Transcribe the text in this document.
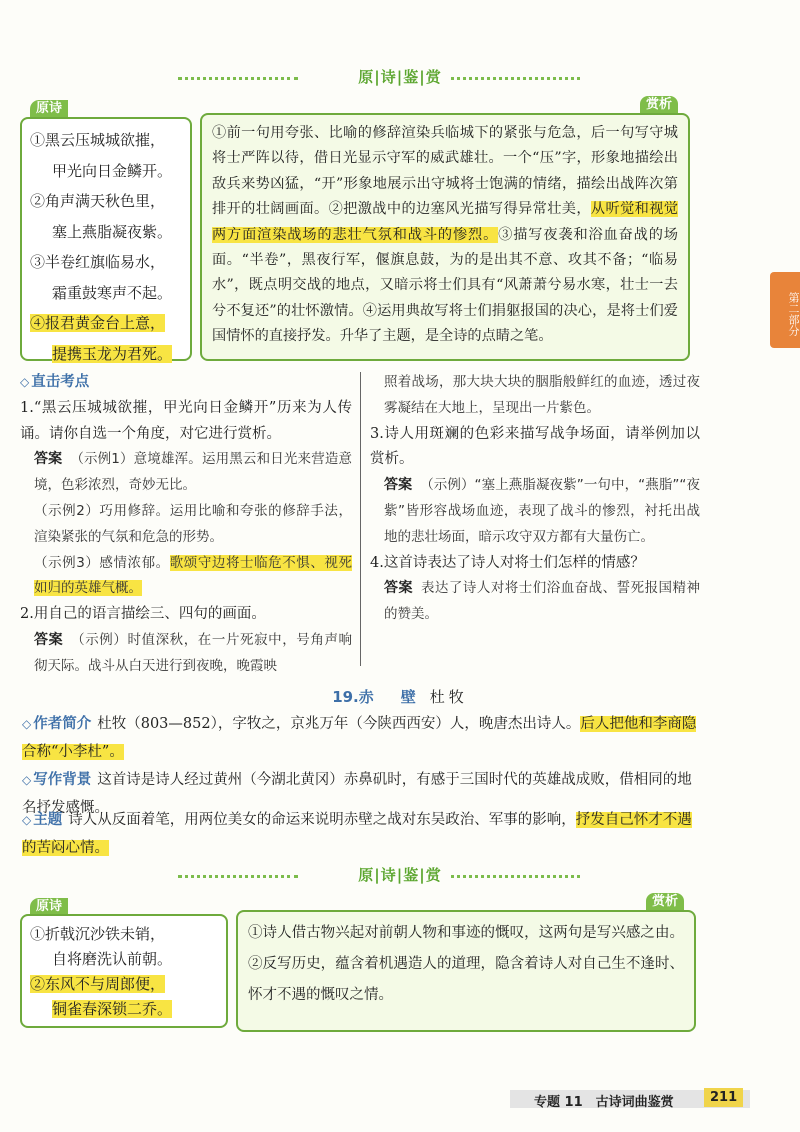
原|诗|鉴|赏
原诗	赏析
①黑云压城城欲摧，
甲光向日金鳞开。
②角声满天秋色里，
塞上燕脂凝夜紫。
③半卷红旗临易水，
霜重鼓寒声不起。
④报君黄金台上意，
提携玉龙为君死。
①前一句用夸张、比喻的修辞渲染兵临城下的紧张与危急，后一句写守城将士严阵以待，借日光显示守军的威武雄壮。一个“压”字，形象地描绘出敌兵来势凶猛，“开”形象地展示出守城将士饱满的情绪，描绘出战阵次第排开的壮阔画面。②把激战中的边塞风光描写得异常壮美，从听觉和视觉两方面渲染战场的悲壮气氛和战斗的惨烈。③描写夜袭和浴血奋战的场面。“半卷”，黑夜行军，偃旗息鼓，为的是出其不意、攻其不备；“临易水”，既点明交战的地点，又暗示将士们具有“风萧萧兮易水寒，壮士一去兮不复还”的壮怀激情。④运用典故写将士们捐躯报国的决心，是将士们爱国情怀的直接抒发。升华了主题，是全诗的点睛之笔。
第二部分
◇ 直击考点
1.“黑云压城城欲摧，甲光向日金鳞开”历来为人传诵。请你自选一个角度，对它进行赏析。
答案 （示例1）意境雄浑。运用黑云和日光来营造意境，色彩浓烈，奇妙无比。
（示例2）巧用修辞。运用比喻和夸张的修辞手法，渲染紧张的气氛和危急的形势。
（示例3）感情浓郁。歌颂守边将士临危不惧、视死如归的英雄气概。
2.用自己的语言描绘三、四句的画面。
答案 （示例）时值深秋，在一片死寂中，号角声响彻天际。战斗从白天进行到夜晚，晚霞映
照着战场，那大块大块的胭脂般鲜红的血迹，透过夜雾凝结在大地上，呈现出一片紫色。
3.诗人用斑斓的色彩来描写战争场面，请举例加以赏析。
答案 （示例）“塞上燕脂凝夜紫”一句中，“燕脂”“夜紫”皆形容战场血迹，表现了战斗的惨烈，衬托出战地的悲壮场面，暗示攻守双方都有大量伤亡。
4.这首诗表达了诗人对将士们怎样的情感？
答案 表达了诗人对将士们浴血奋战、誓死报国精神的赞美。
19.赤　壁 杜牧
◇ 作者简介 杜牧（803—852），字牧之，京兆万年（今陕西西安）人，晚唐杰出诗人。后人把他和李商隐合称“小李杜”。
◇ 写作背景 这首诗是诗人经过黄州（今湖北黄冈）赤鼻矶时，有感于三国时代的英雄战成败，借相同的地名抒发感慨。
◇ 主题 诗人从反面着笔，用两位美女的命运来说明赤壁之战对东吴政治、军事的影响，抒发自己怀才不遇的苦闷心情。
原|诗|鉴|赏
原诗	赏析
①折戟沉沙铁未销，
自将磨洗认前朝。
②东风不与周郎便，
铜雀春深锁二乔。
①诗人借古物兴起对前朝人物和事迹的慨叹，这两句是写兴感之由。②反写历史，蕴含着机遇造人的道理，隐含着诗人对自己生不逢时、怀才不遇的慨叹之情。
专题 11　古诗词曲鉴赏	211
